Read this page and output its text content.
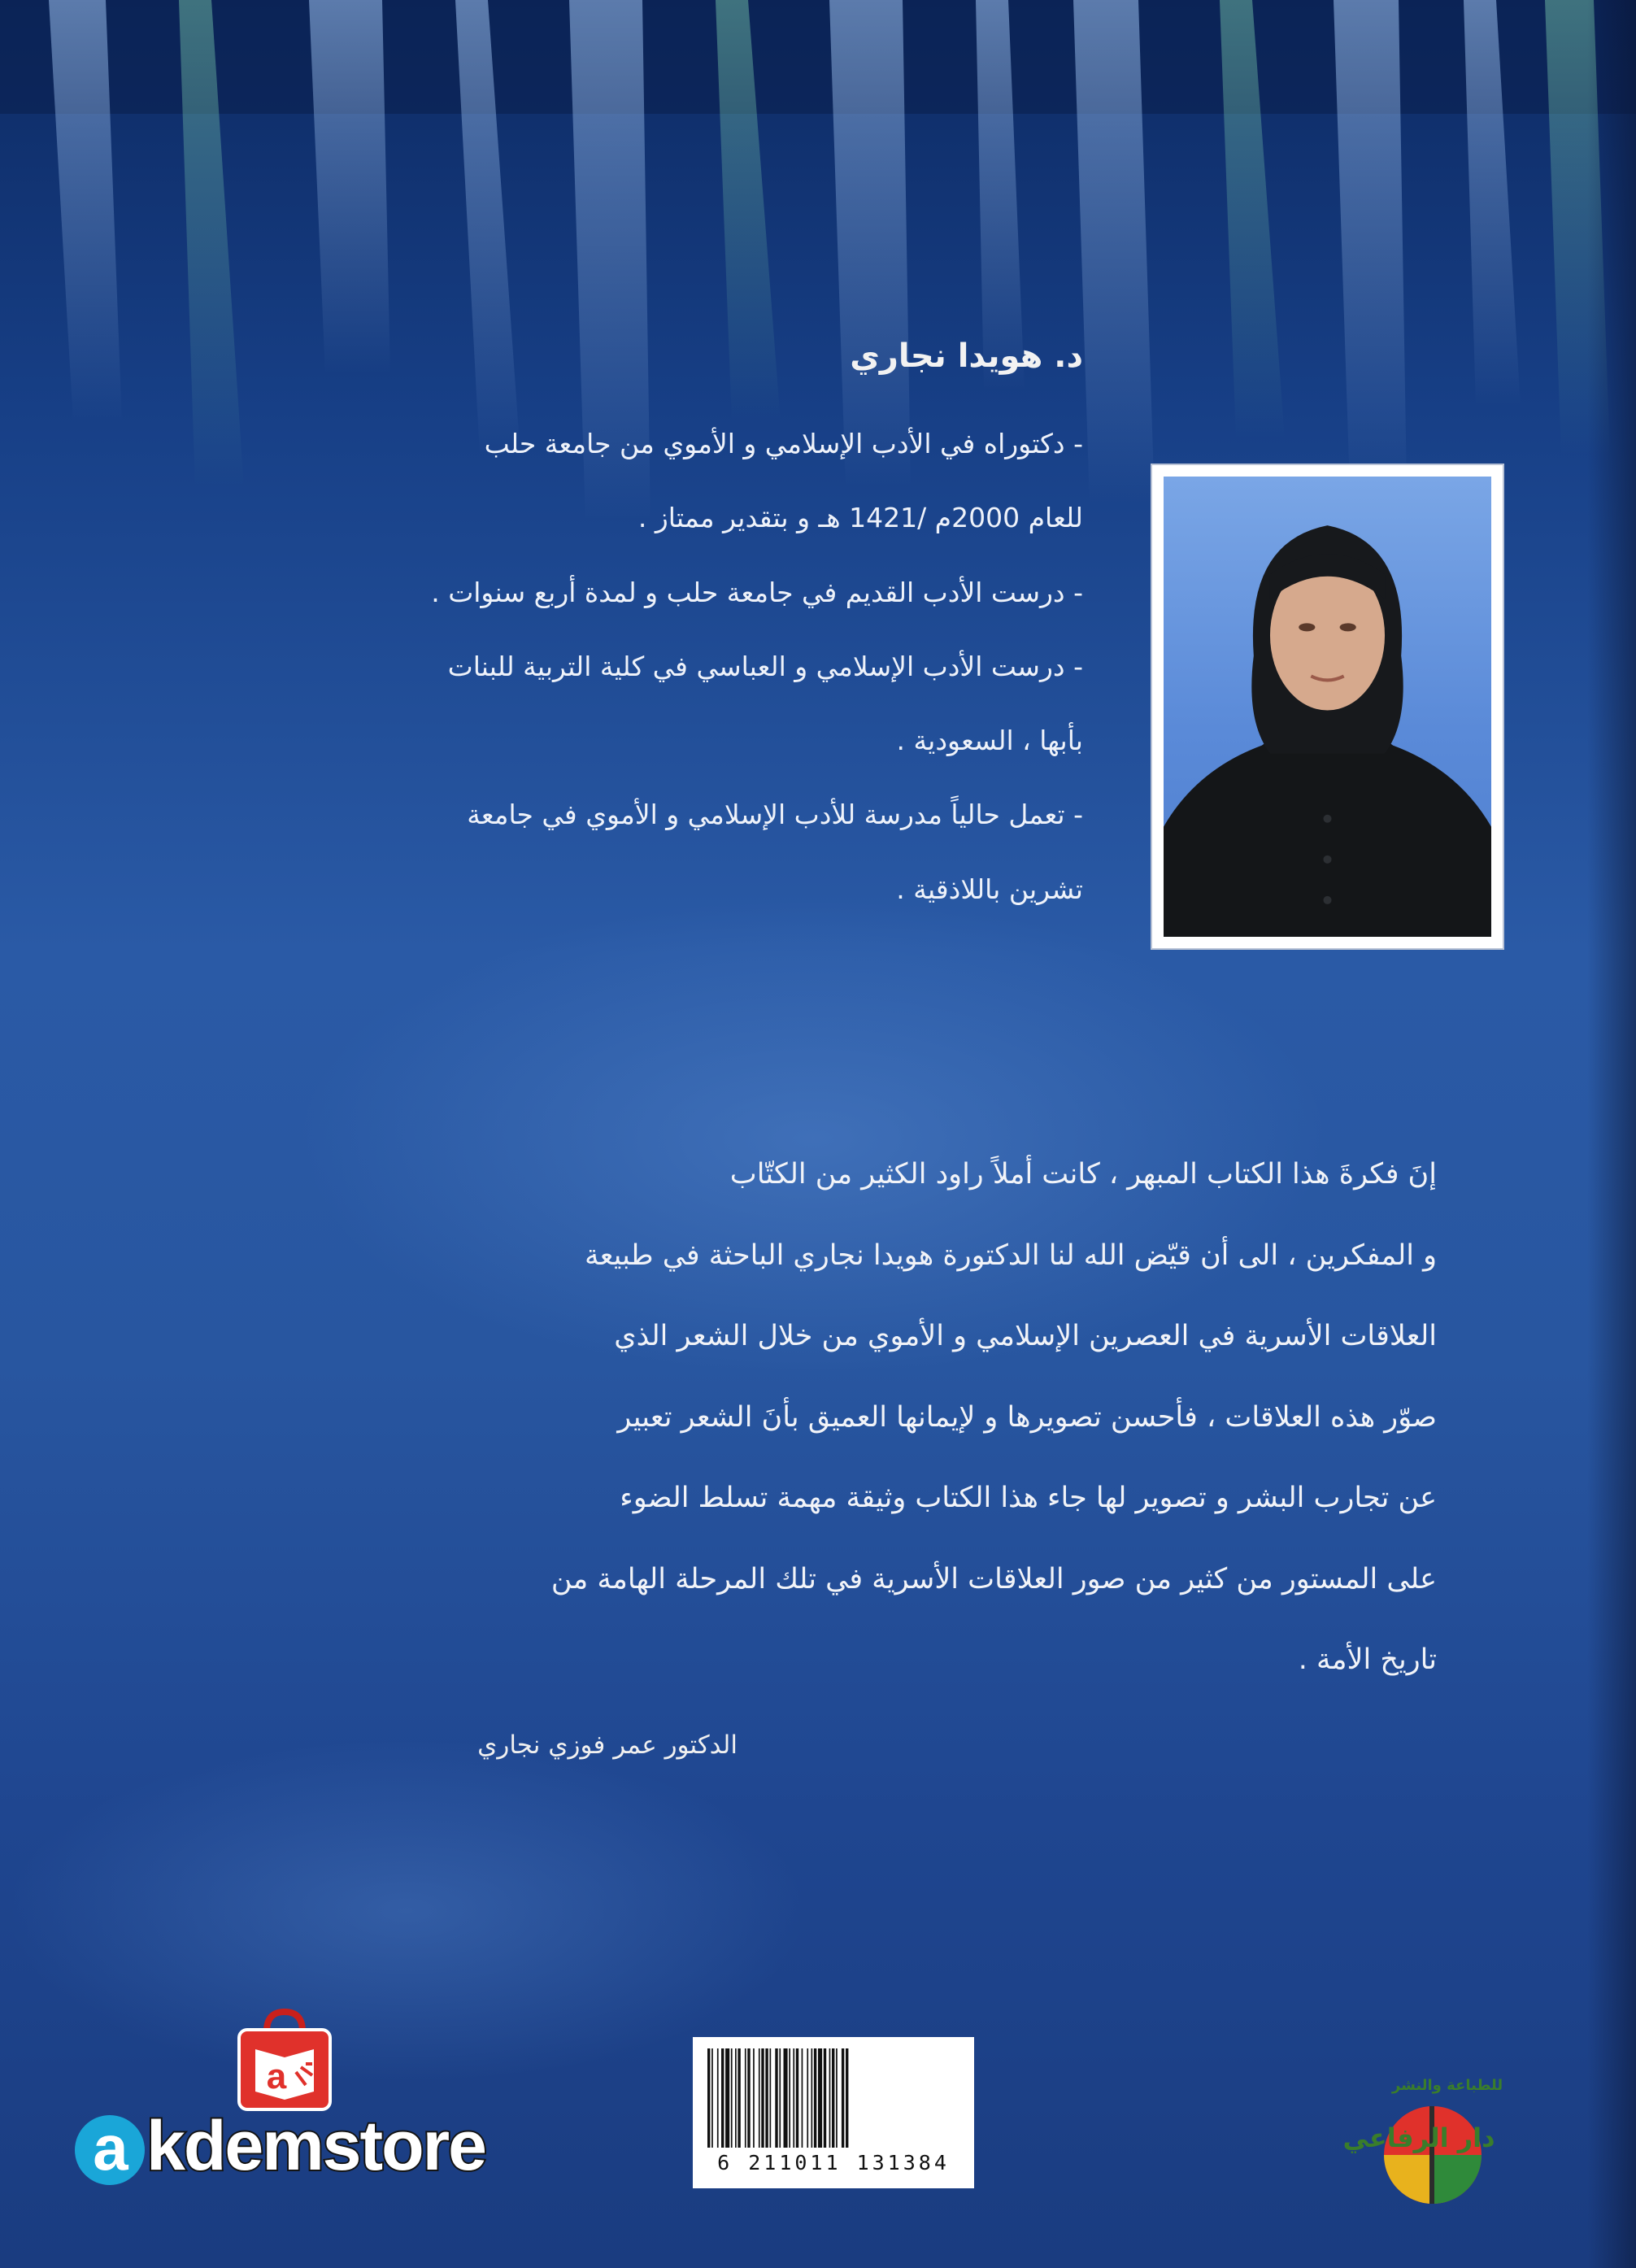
د. هويدا نجاري
- دكتوراه في الأدب الإسلامي و الأموي من جامعة حلب
للعام 2000م /1421 هـ و بتقدير ممتاز .
- درست الأدب القديم في جامعة حلب و لمدة أربع سنوات .
- درست الأدب الإسلامي و العباسي في كلية التربية للبنات
بأبها ، السعودية .
- تعمل حالياً مدرسة للأدب الإسلامي و الأموي في جامعة
تشرين باللاذقية .
إنَ فكرةَ هذا الكتاب المبهر ، كانت أملاً راود الكثير من الكتّاب
و المفكرين ، الى أن قيّض الله لنا الدكتورة هويدا نجاري الباحثة في طبيعة
العلاقات الأسرية في العصرين الإسلامي و الأموي من خلال الشعر الذي
صوّر هذه العلاقات ، فأحسن تصويرها و لإيمانها العميق بأنَ الشعر تعبير
عن تجارب البشر و تصوير لها جاء هذا الكتاب وثيقة مهمة تسلط الضوء
على المستور من كثير من صور العلاقات الأسرية في تلك المرحلة الهامة من
تاريخ الأمة .
الدكتور عمر فوزي نجاري
6 211011 131384
دار الرفاعي
للطباعة والنشر
a
a kdemstore
